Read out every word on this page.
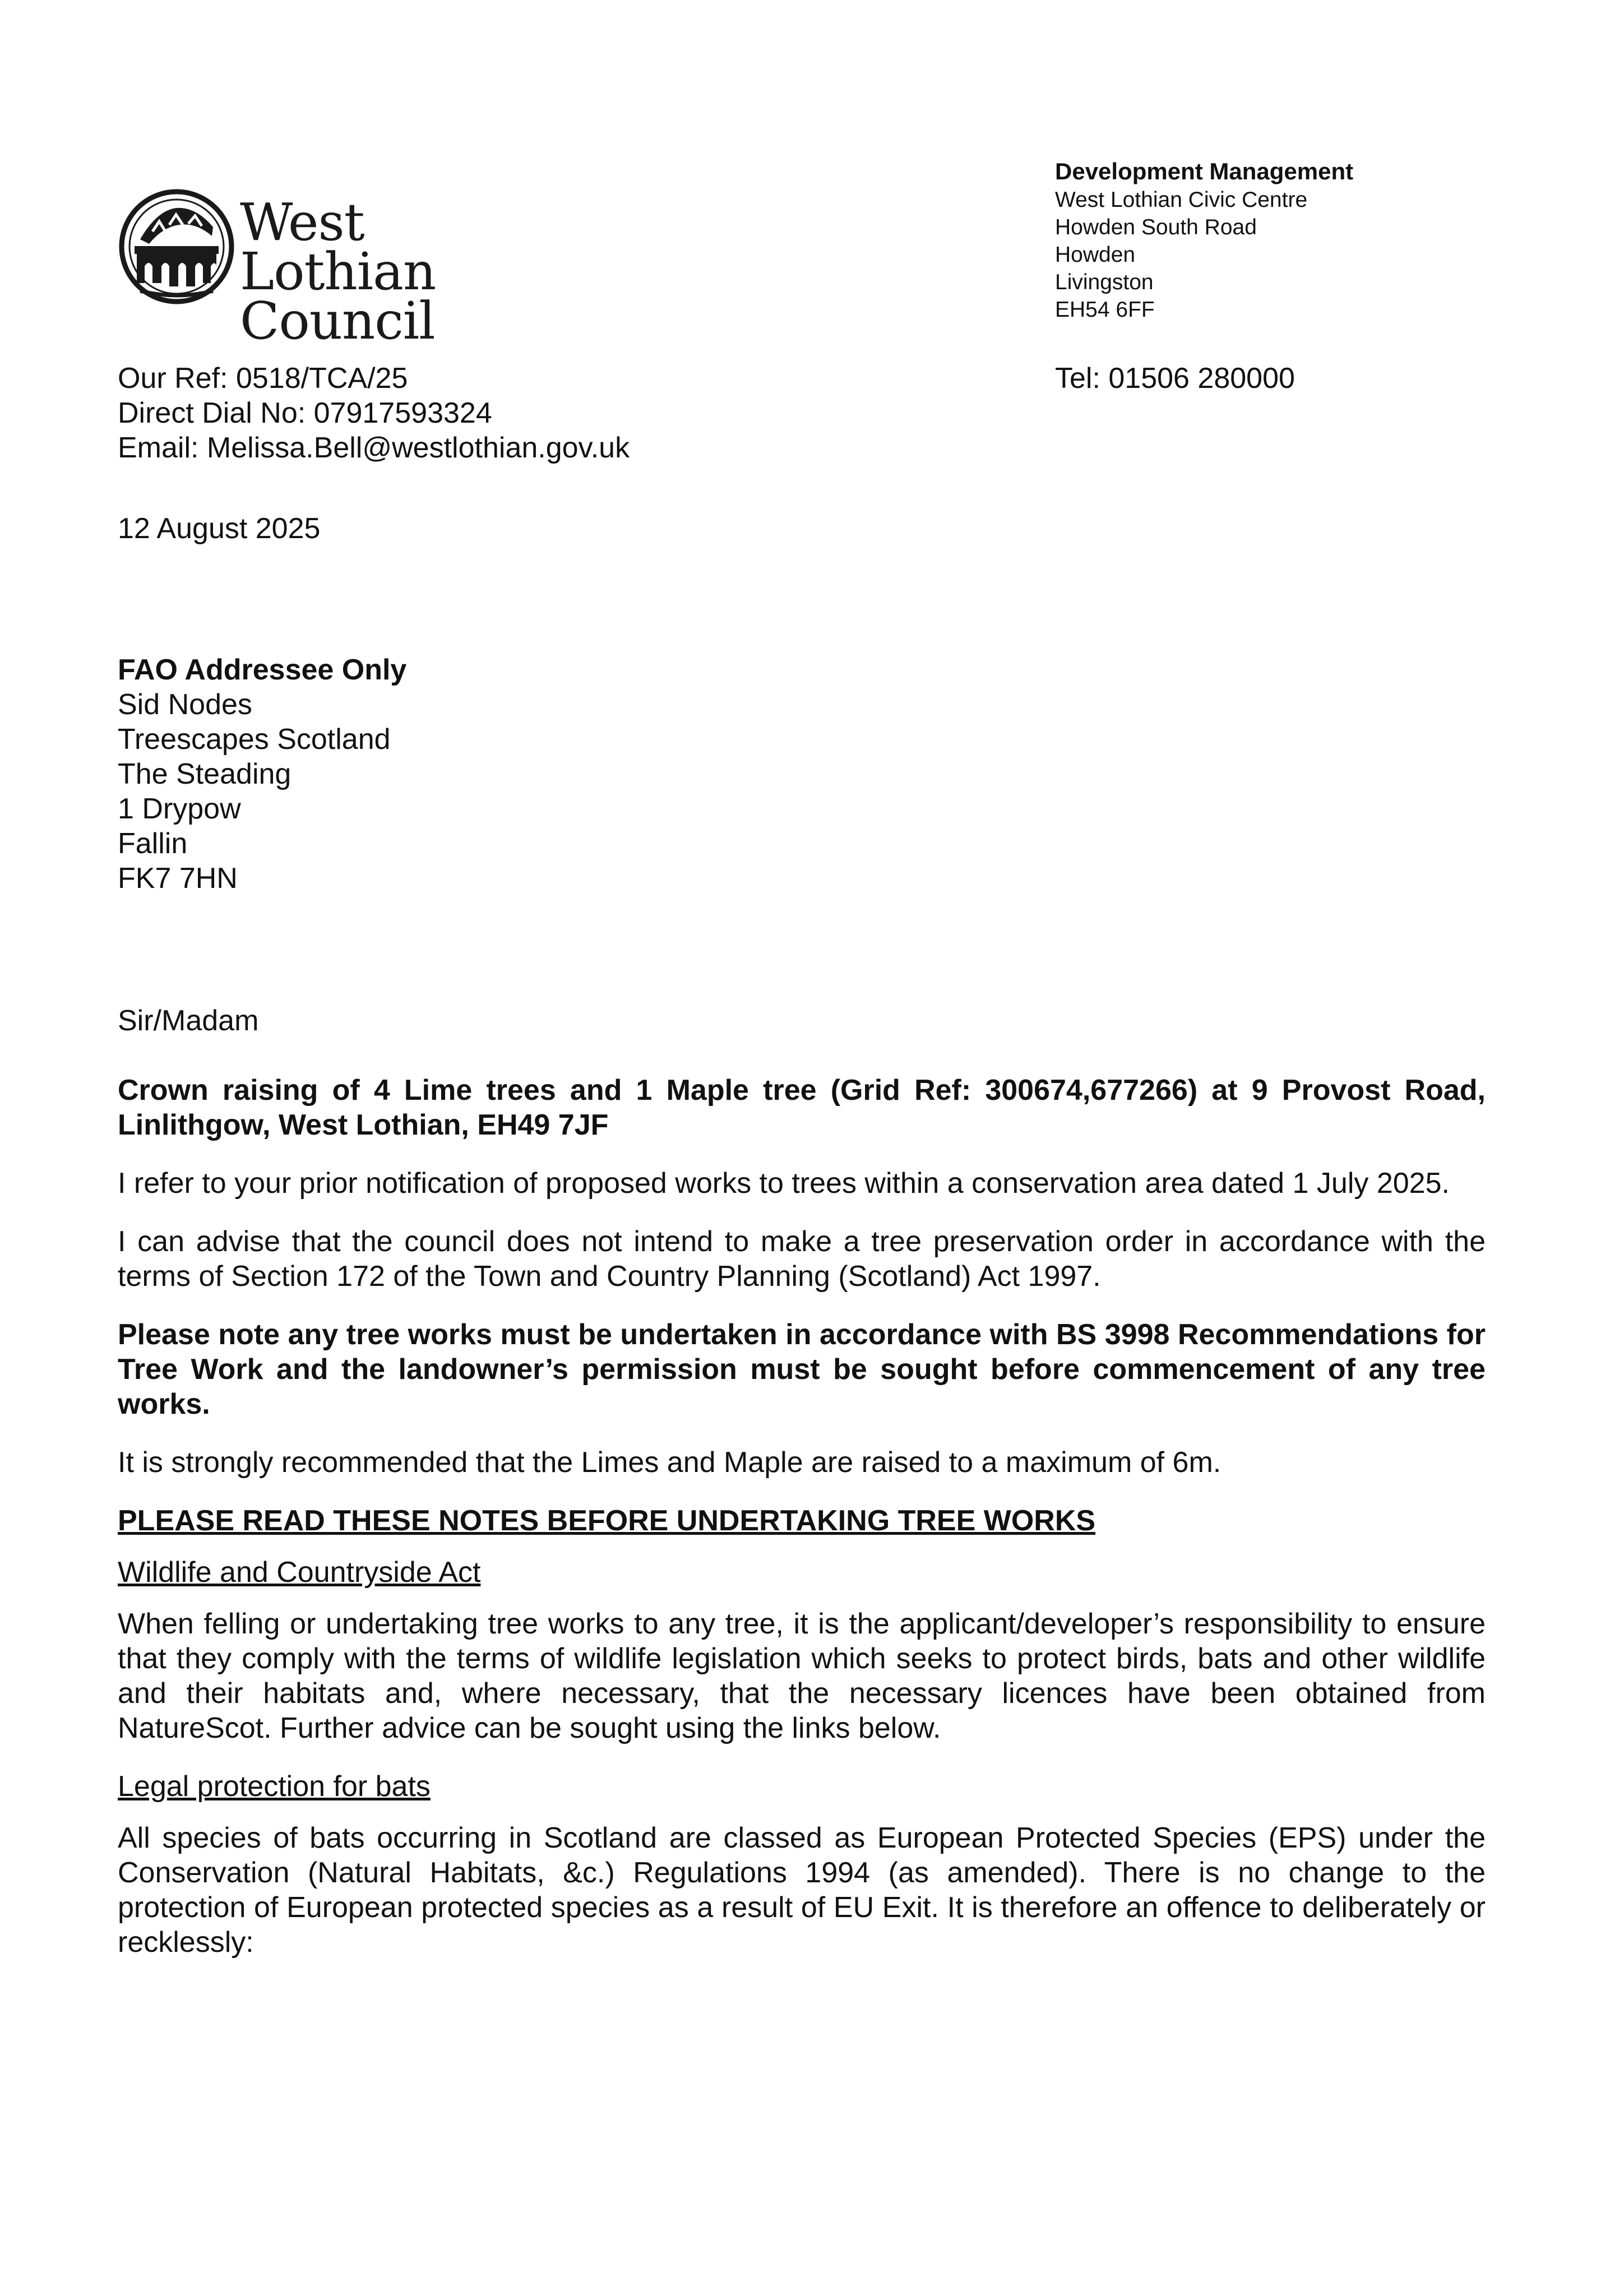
West Lothian
Council
Development Management
West Lothian Civic Centre
Howden South Road
Howden
Livingston
EH54 6FF
Tel: 01506 280000
Our Ref: 0518/TCA/25
Direct Dial No: 07917593324
Email: Melissa.Bell@westlothian.gov.uk
12 August 2025
FAO Addressee Only
Sid Nodes
Treescapes Scotland
The Steading
1 Drypow
Fallin
FK7 7HN
Sir/Madam

Crown raising of 4 Lime trees and 1 Maple tree (Grid Ref: 300674,677266) at 9 Provost Road, Linlithgow, West Lothian, EH49 7JF

I refer to your prior notification of proposed works to trees within a conservation area dated 1 July 2025.

I can advise that the council does not intend to make a tree preservation order in accordance with the terms of Section 172 of the Town and Country Planning (Scotland) Act 1997.

Please note any tree works must be undertaken in accordance with BS 3998 Recommendations for Tree Work and the landowner’s permission must be sought before commencement of any tree works.

It is strongly recommended that the Limes and Maple are raised to a maximum of 6m.

PLEASE READ THESE NOTES BEFORE UNDERTAKING TREE WORKS

Wildlife and Countryside Act

When felling or undertaking tree works to any tree, it is the applicant/developer’s responsibility to ensure that they comply with the terms of wildlife legislation which seeks to protect birds, bats and other wildlife and their habitats and, where necessary, that the necessary licences have been obtained from NatureScot. Further advice can be sought using the links below.

Legal protection for bats

All species of bats occurring in Scotland are classed as European Protected Species (EPS) under the Conservation (Natural Habitats, &c.) Regulations 1994 (as amended). There is no change to the protection of European protected species as a result of EU Exit. It is therefore an offence to deliberately or recklessly:
